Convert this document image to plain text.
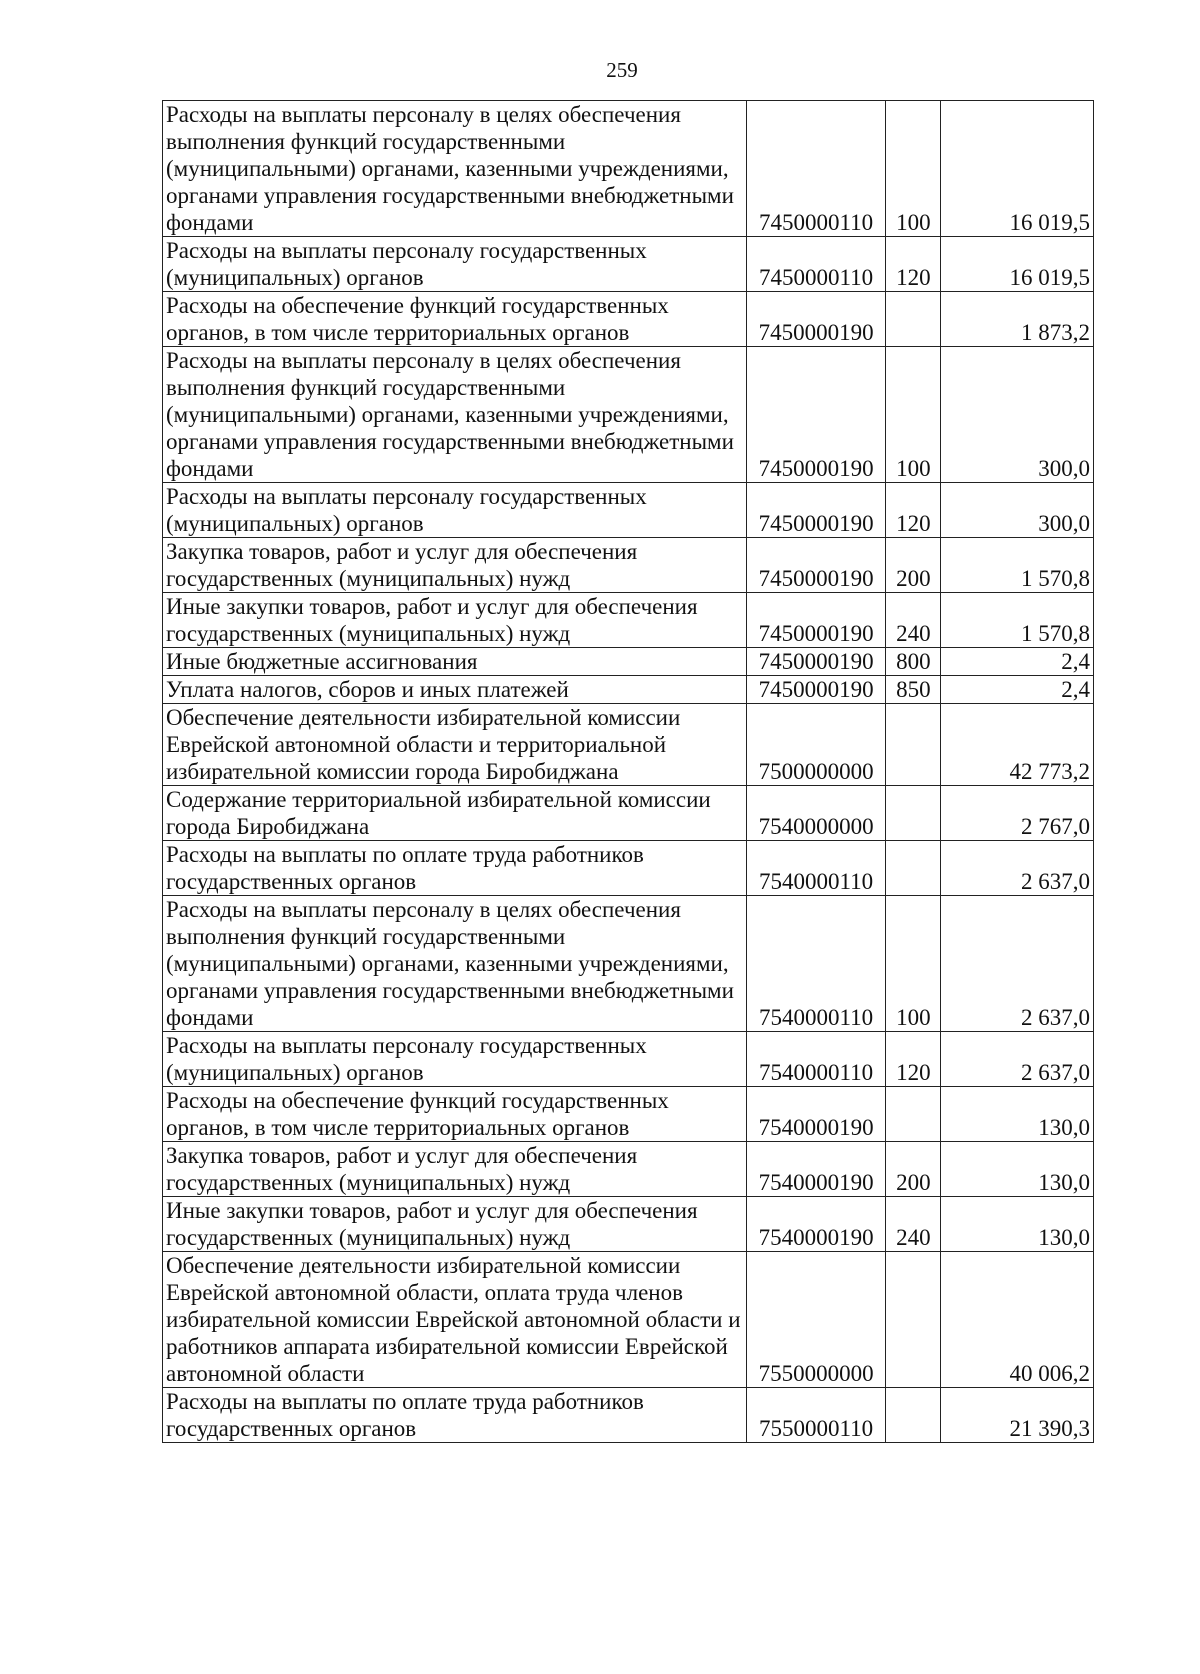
259
Расходы на выплаты персоналу в целях обеспечения выполнения функций государственными (муниципальными) органами, казенными учреждениями, органами управления государственными внебюджетными фондами	7450000110	100	16 019,5
Расходы на выплаты персоналу государственных (муниципальных) органов	7450000110	120	16 019,5
Расходы на обеспечение функций государственных органов, в том числе территориальных органов	7450000190		1 873,2
Расходы на выплаты персоналу в целях обеспечения выполнения функций государственными (муниципальными) органами, казенными учреждениями, органами управления государственными внебюджетными фондами	7450000190	100	300,0
Расходы на выплаты персоналу государственных (муниципальных) органов	7450000190	120	300,0
Закупка товаров, работ и услуг для обеспечения государственных (муниципальных) нужд	7450000190	200	1 570,8
Иные закупки товаров, работ и услуг для обеспечения государственных (муниципальных) нужд	7450000190	240	1 570,8
Иные бюджетные ассигнования	7450000190	800	2,4
Уплата налогов, сборов и иных платежей	7450000190	850	2,4
Обеспечение деятельности избирательной комиссии Еврейской автономной области и территориальной избирательной комиссии города Биробиджана	7500000000		42 773,2
Содержание территориальной избирательной комиссии города Биробиджана	7540000000		2 767,0
Расходы на выплаты по оплате труда работников государственных органов	7540000110		2 637,0
Расходы на выплаты персоналу в целях обеспечения выполнения функций государственными (муниципальными) органами, казенными учреждениями, органами управления государственными внебюджетными фондами	7540000110	100	2 637,0
Расходы на выплаты персоналу государственных (муниципальных) органов	7540000110	120	2 637,0
Расходы на обеспечение функций государственных органов, в том числе территориальных органов	7540000190		130,0
Закупка товаров, работ и услуг для обеспечения государственных (муниципальных) нужд	7540000190	200	130,0
Иные закупки товаров, работ и услуг для обеспечения государственных (муниципальных) нужд	7540000190	240	130,0
Обеспечение деятельности избирательной комиссии Еврейской автономной области, оплата труда членов избирательной комиссии Еврейской автономной области и работников аппарата избирательной комиссии Еврейской автономной области	7550000000		40 006,2
Расходы на выплаты по оплате труда работников государственных органов	7550000110		21 390,3
